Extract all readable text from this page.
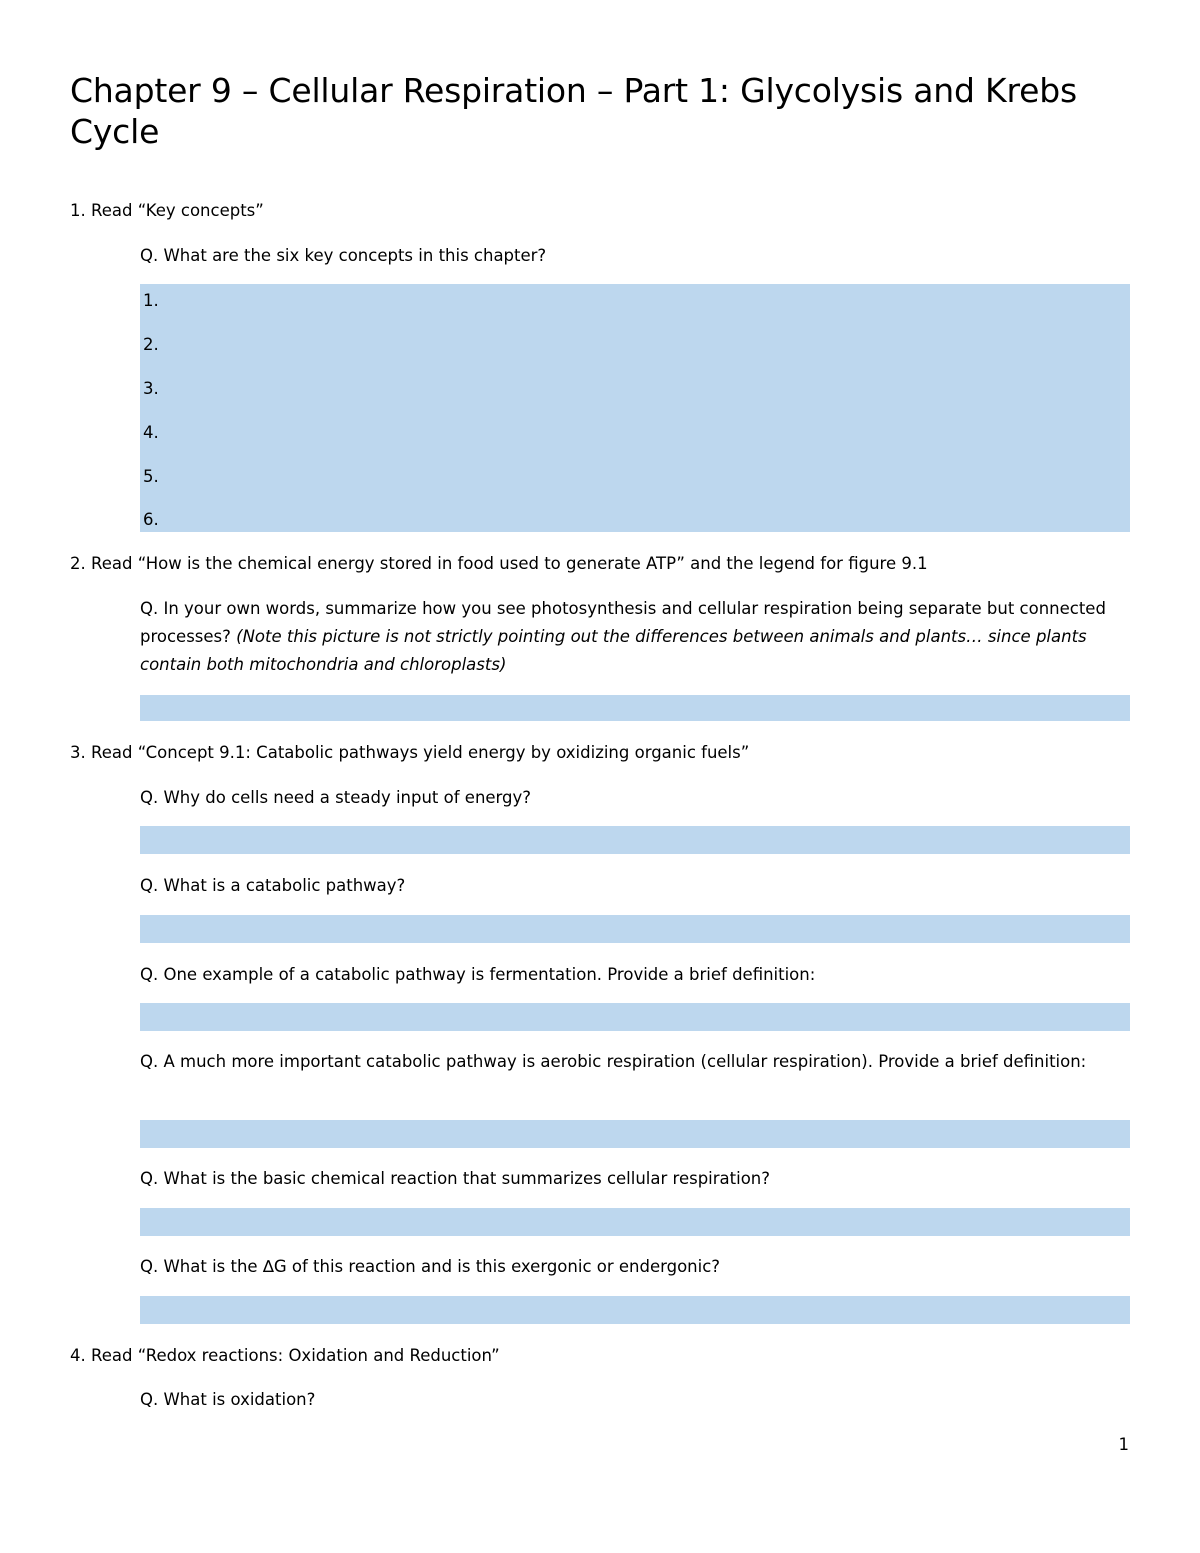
Chapter 9 – Cellular Respiration – Part 1: Glycolysis and Krebs Cycle
1. Read “Key concepts”
Q. What are the six key concepts in this chapter?
1.
2.
3.
4.
5.
6.
2. Read “How is the chemical energy stored in food used to generate ATP” and the legend for figure 9.1
Q. In your own words, summarize how you see photosynthesis and cellular respiration being separate but connected processes? (Note this picture is not strictly pointing out the differences between animals and plants… since plants contain both mitochondria and chloroplasts)
3. Read “Concept 9.1: Catabolic pathways yield energy by oxidizing organic fuels”
Q. Why do cells need a steady input of energy?
Q. What is a catabolic pathway?
Q. One example of a catabolic pathway is fermentation. Provide a brief definition:
Q. A much more important catabolic pathway is aerobic respiration (cellular respiration). Provide a brief definition:
Q. What is the basic chemical reaction that summarizes cellular respiration?
Q. What is the ∆G of this reaction and is this exergonic or endergonic?
4. Read “Redox reactions: Oxidation and Reduction”
Q. What is oxidation?
1
